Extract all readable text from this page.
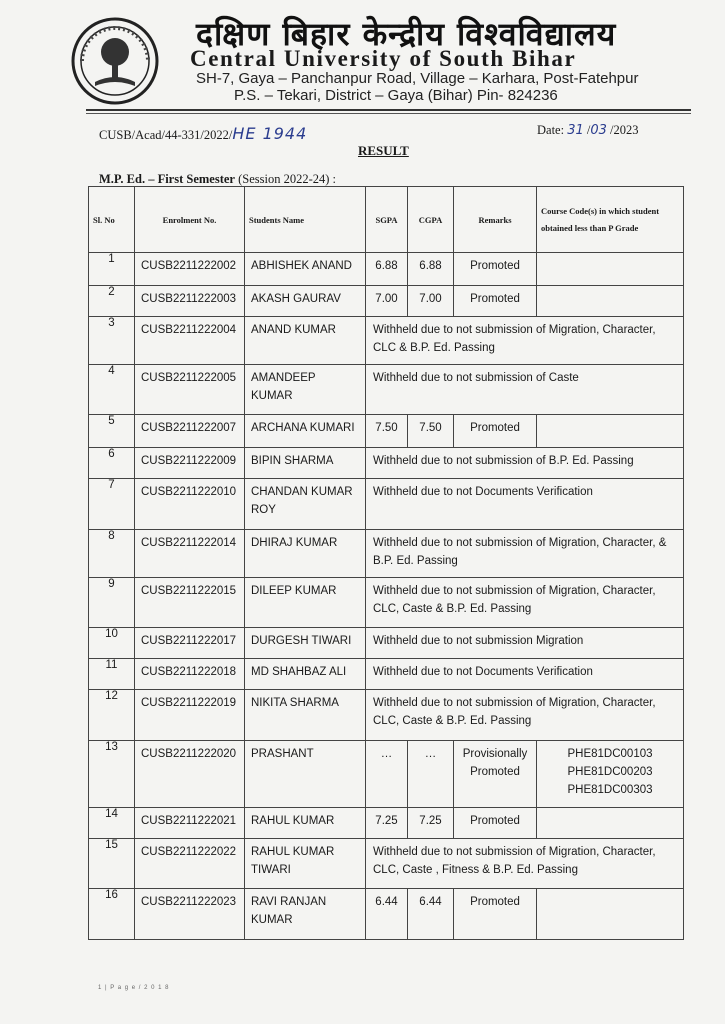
दक्षिण बिहार केन्द्रीय विश्वविद्यालय
Central University of South Bihar
SH-7, Gaya – Panchanpur Road, Village – Karhara, Post-Fatehpur
P.S. – Tekari, District – Gaya (Bihar) Pin- 824236
CUSB/Acad/44-331/2022/HE 1944	Date: 31 /03 /2023
RESULT
M.P. Ed. – First Semester (Session 2022-24) :
Sl. No	Enrolment No.	Students Name	SGPA	CGPA	Remarks	Course Code(s) in which student obtained less than P Grade
1	CUSB2211222002	ABHISHEK ANAND	6.88	6.88	Promoted	

2	CUSB2211222003	AKASH GAURAV	7.00	7.00	Promoted	

3	CUSB2211222004	ANAND KUMAR	Withheld due to not submission of Migration, Character, CLC & B.P. Ed. Passing			

4	CUSB2211222005	AMANDEEP KUMAR	Withheld due to not submission of Caste			

5	CUSB2211222007	ARCHANA KUMARI	7.50	7.50	Promoted	

6	CUSB2211222009	BIPIN SHARMA	Withheld due to not submission of B.P. Ed. Passing			

7	CUSB2211222010	CHANDAN KUMAR ROY	Withheld due to not Documents Verification			

8	CUSB2211222014	DHIRAJ KUMAR	Withheld due to not submission of Migration, Character, & B.P. Ed. Passing			

9	CUSB2211222015	DILEEP KUMAR	Withheld due to not submission of Migration, Character, CLC, Caste & B.P. Ed. Passing			

10	CUSB2211222017	DURGESH TIWARI	Withheld due to not submission Migration			

11	CUSB2211222018	MD SHAHBAZ ALI	Withheld due to not Documents Verification			

12	CUSB2211222019	NIKITA SHARMA	Withheld due to not submission of Migration, Character, CLC, Caste & B.P. Ed. Passing			

13	CUSB2211222020	PRASHANT	…	…	Provisionally Promoted	PHE81DC00103 PHE81DC00203 PHE81DC00303

14	CUSB2211222021	RAHUL KUMAR	7.25	7.25	Promoted	

15	CUSB2211222022	RAHUL KUMAR TIWARI	Withheld due to not submission of Migration, Character, CLC, Caste , Fitness & B.P. Ed. Passing			

16	CUSB2211222023	RAVI RANJAN KUMAR	6.44	6.44	Promoted	

1 | P a g e / 2 0 1 8
